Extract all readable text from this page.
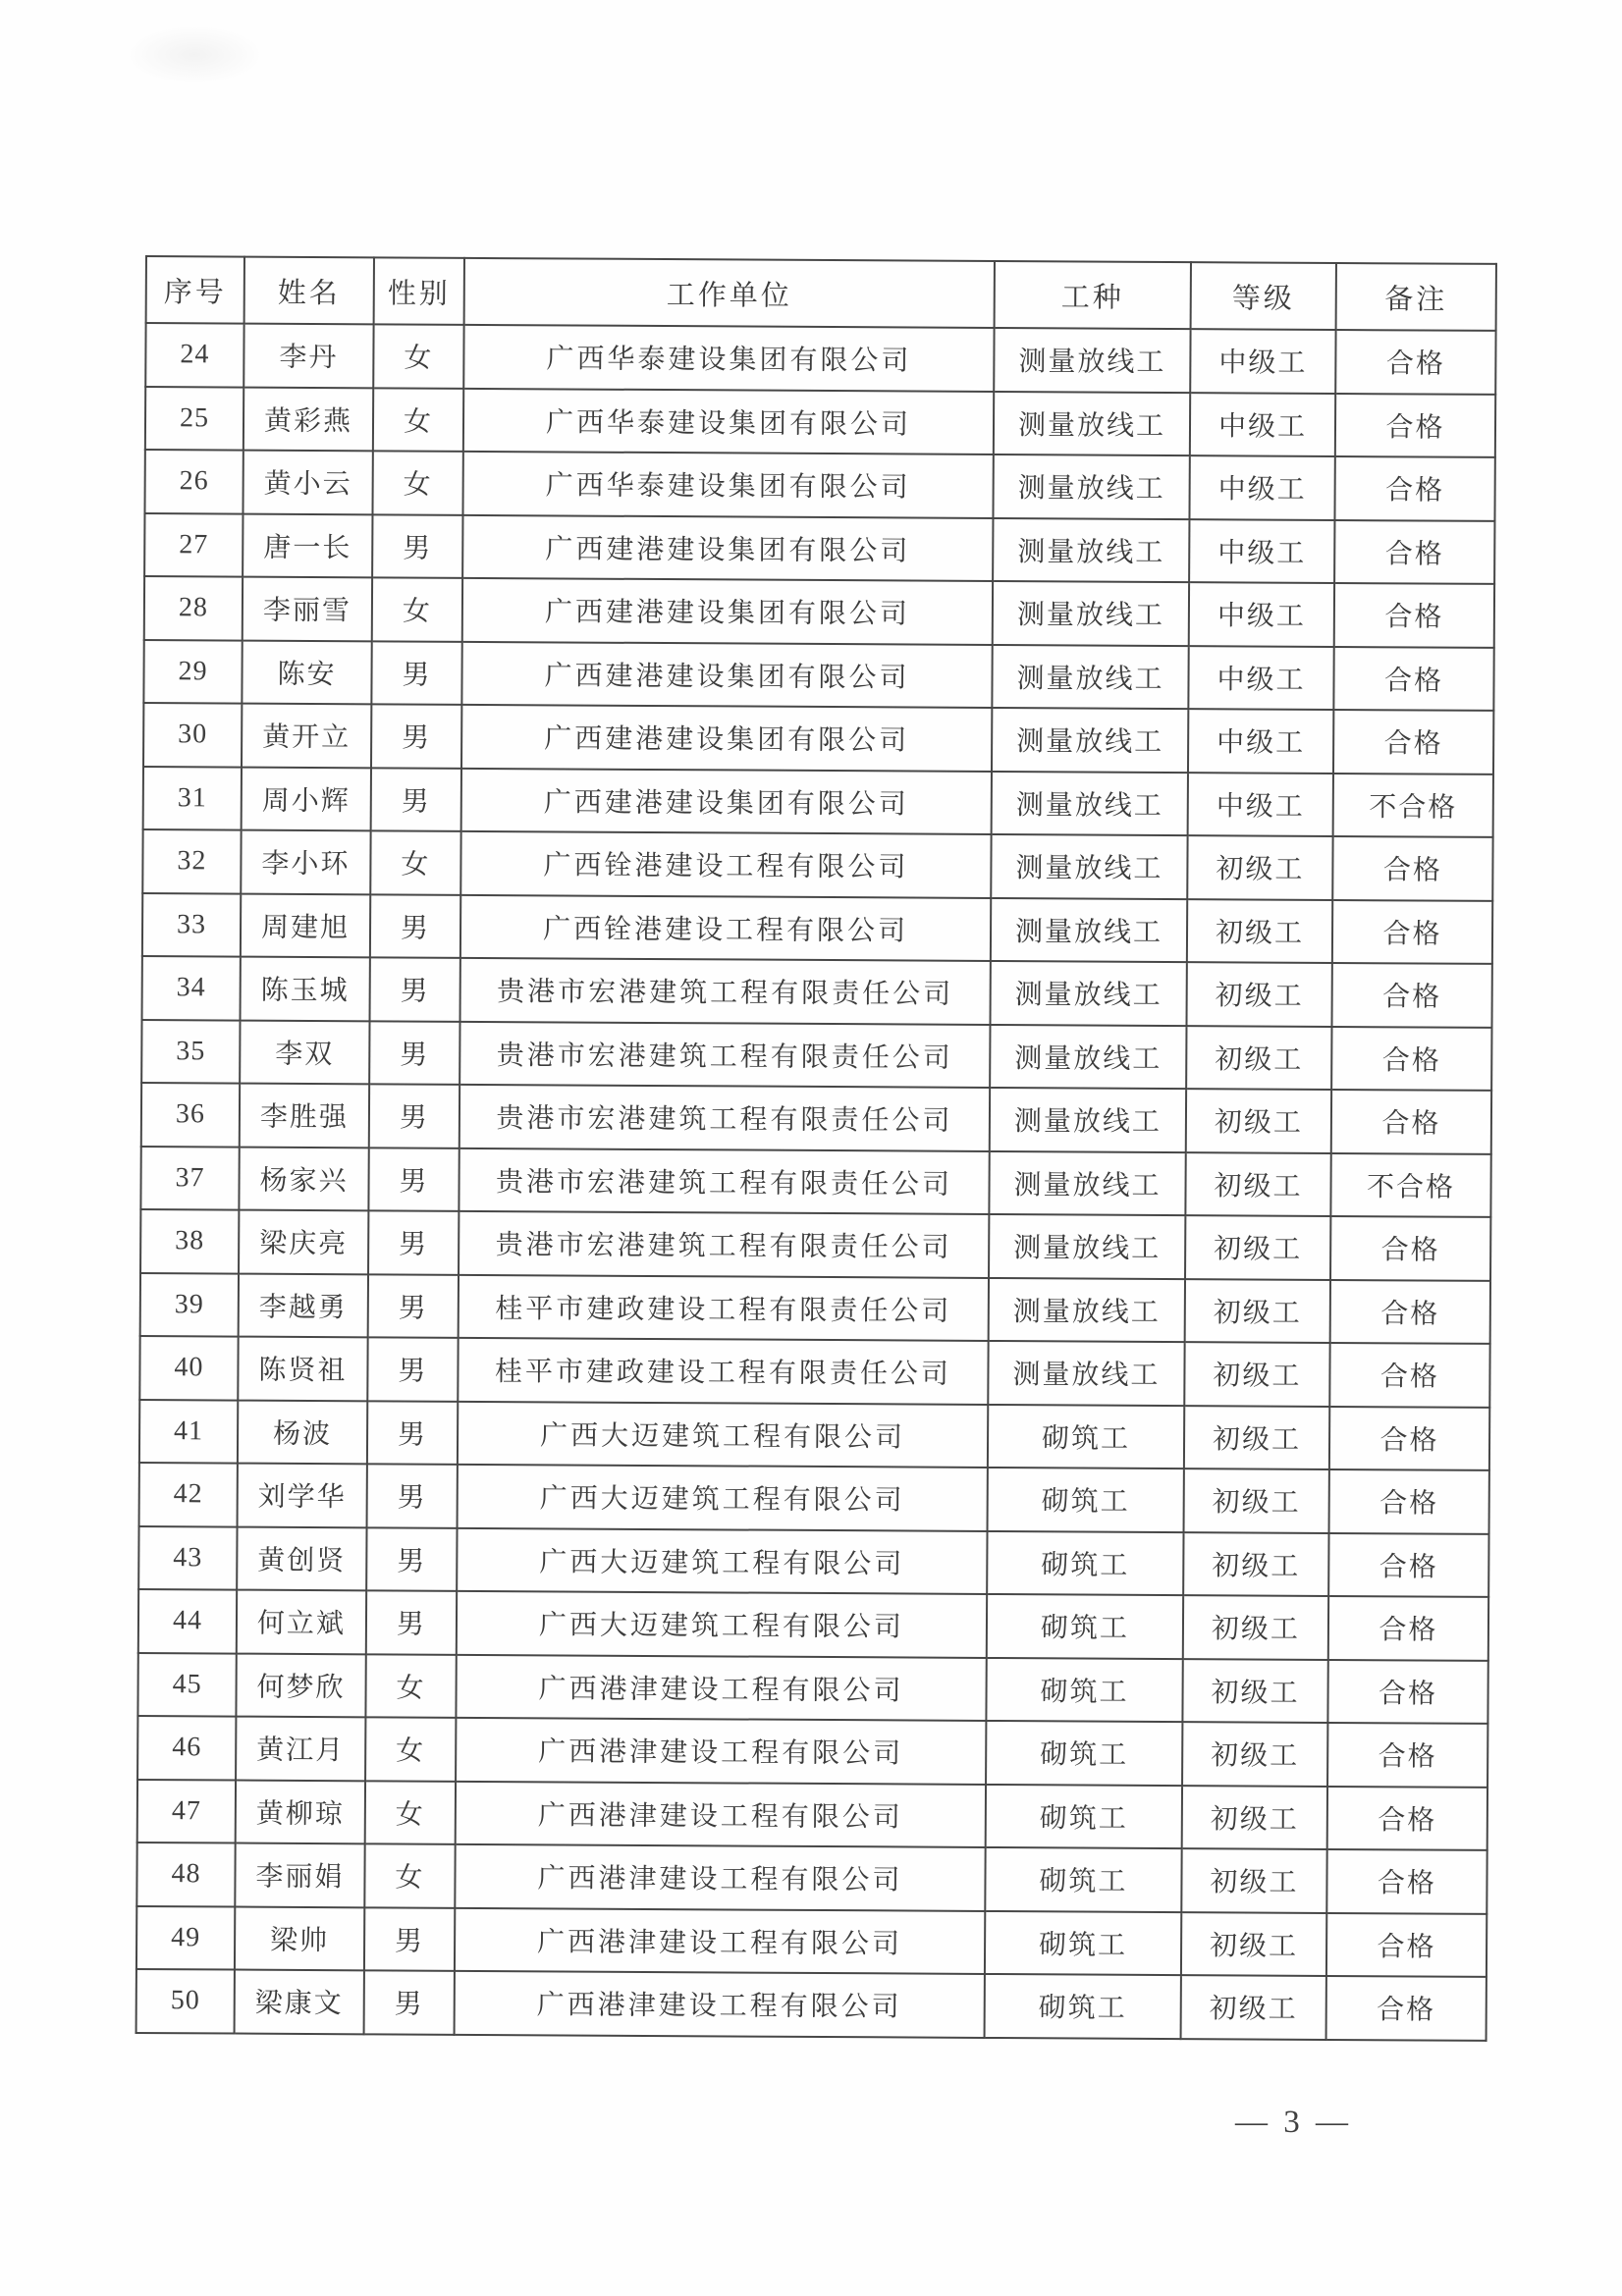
序号	姓名	性别	工作单位	工种	等级	备注
24	李丹	女	广西华泰建设集团有限公司	测量放线工	中级工	合格
25	黄彩燕	女	广西华泰建设集团有限公司	测量放线工	中级工	合格
26	黄小云	女	广西华泰建设集团有限公司	测量放线工	中级工	合格
27	唐一长	男	广西建港建设集团有限公司	测量放线工	中级工	合格
28	李丽雪	女	广西建港建设集团有限公司	测量放线工	中级工	合格
29	陈安	男	广西建港建设集团有限公司	测量放线工	中级工	合格
30	黄开立	男	广西建港建设集团有限公司	测量放线工	中级工	合格
31	周小辉	男	广西建港建设集团有限公司	测量放线工	中级工	不合格
32	李小环	女	广西铨港建设工程有限公司	测量放线工	初级工	合格
33	周建旭	男	广西铨港建设工程有限公司	测量放线工	初级工	合格
34	陈玉城	男	贵港市宏港建筑工程有限责任公司	测量放线工	初级工	合格
35	李双	男	贵港市宏港建筑工程有限责任公司	测量放线工	初级工	合格
36	李胜强	男	贵港市宏港建筑工程有限责任公司	测量放线工	初级工	合格
37	杨家兴	男	贵港市宏港建筑工程有限责任公司	测量放线工	初级工	不合格
38	梁庆亮	男	贵港市宏港建筑工程有限责任公司	测量放线工	初级工	合格
39	李越勇	男	桂平市建政建设工程有限责任公司	测量放线工	初级工	合格
40	陈贤祖	男	桂平市建政建设工程有限责任公司	测量放线工	初级工	合格
41	杨波	男	广西大迈建筑工程有限公司	砌筑工	初级工	合格
42	刘学华	男	广西大迈建筑工程有限公司	砌筑工	初级工	合格
43	黄创贤	男	广西大迈建筑工程有限公司	砌筑工	初级工	合格
44	何立斌	男	广西大迈建筑工程有限公司	砌筑工	初级工	合格
45	何梦欣	女	广西港津建设工程有限公司	砌筑工	初级工	合格
46	黄江月	女	广西港津建设工程有限公司	砌筑工	初级工	合格
47	黄柳琼	女	广西港津建设工程有限公司	砌筑工	初级工	合格
48	李丽娟	女	广西港津建设工程有限公司	砌筑工	初级工	合格
49	梁帅	男	广西港津建设工程有限公司	砌筑工	初级工	合格
50	梁康文	男	广西港津建设工程有限公司	砌筑工	初级工	合格
— 3 —
